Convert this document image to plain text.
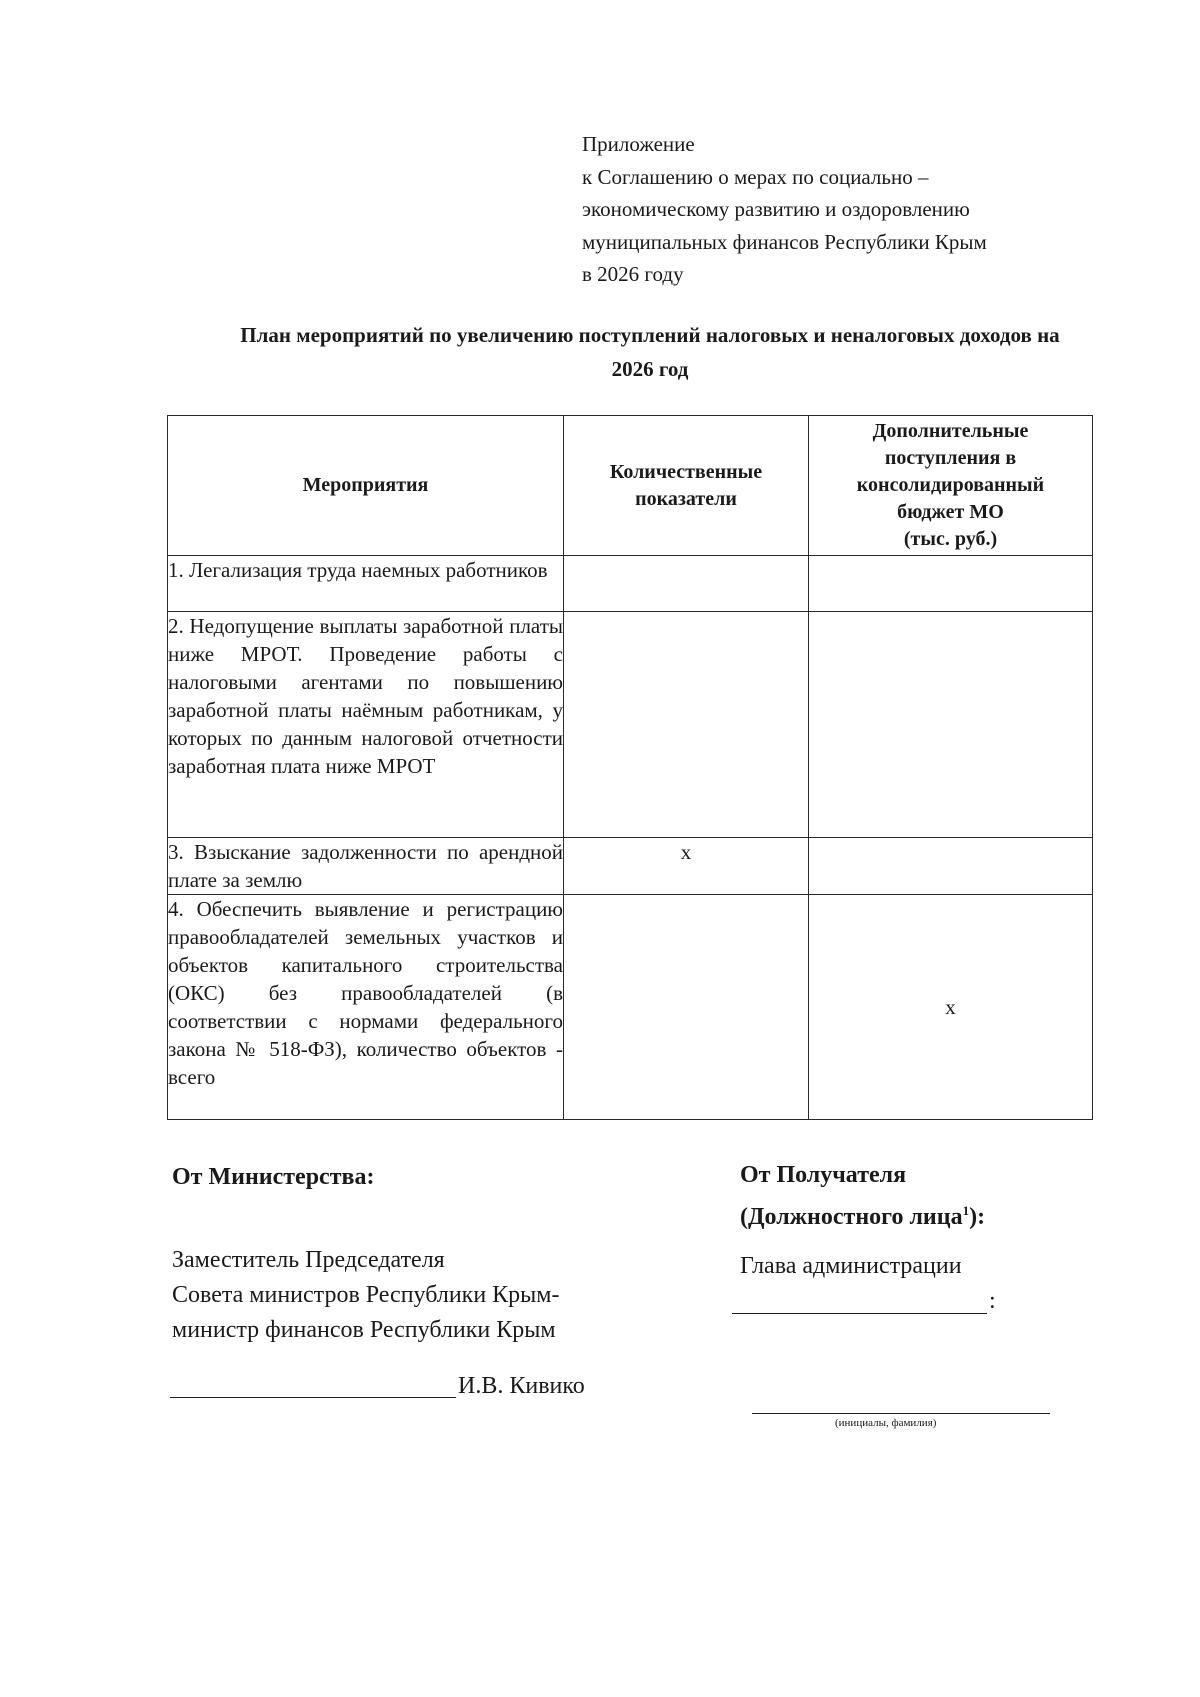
Приложение
к Соглашению о мерах по социально –
экономическому развитию и оздоровлению
муниципальных финансов Республики Крым
в 2026 году
План мероприятий по увеличению поступлений налоговых и неналоговых доходов на
2026 год
Мероприятия	Количественные показатели	Дополнительные
поступления в
консолидированный
бюджет МО
(тыс. руб.)

1. Легализация труда наемных работников		
2. Недопущение выплаты заработной платы ниже МРОТ. Проведение работы с налоговыми агентами по повышению заработной платы наёмным работникам, у которых по данным налоговой отчетности заработная плата ниже МРОТ		
3. Взыскание задолженности по арендной плате за землю	x	
4. Обеспечить выявление и регистрацию правообладателей земельных участков и объектов капитального строительства (ОКС) без правообладателей (в соответствии с нормами федерального закона № 518-ФЗ), количество объектов - всего		x
От Министерства:
Заместитель Председателя
Совета министров Республики Крым-
министр финансов Республики Крым
И.В. Кивико
От Получателя
(Должностного лица$^1$):
Глава администрации
:
(инициалы, фамилия)
